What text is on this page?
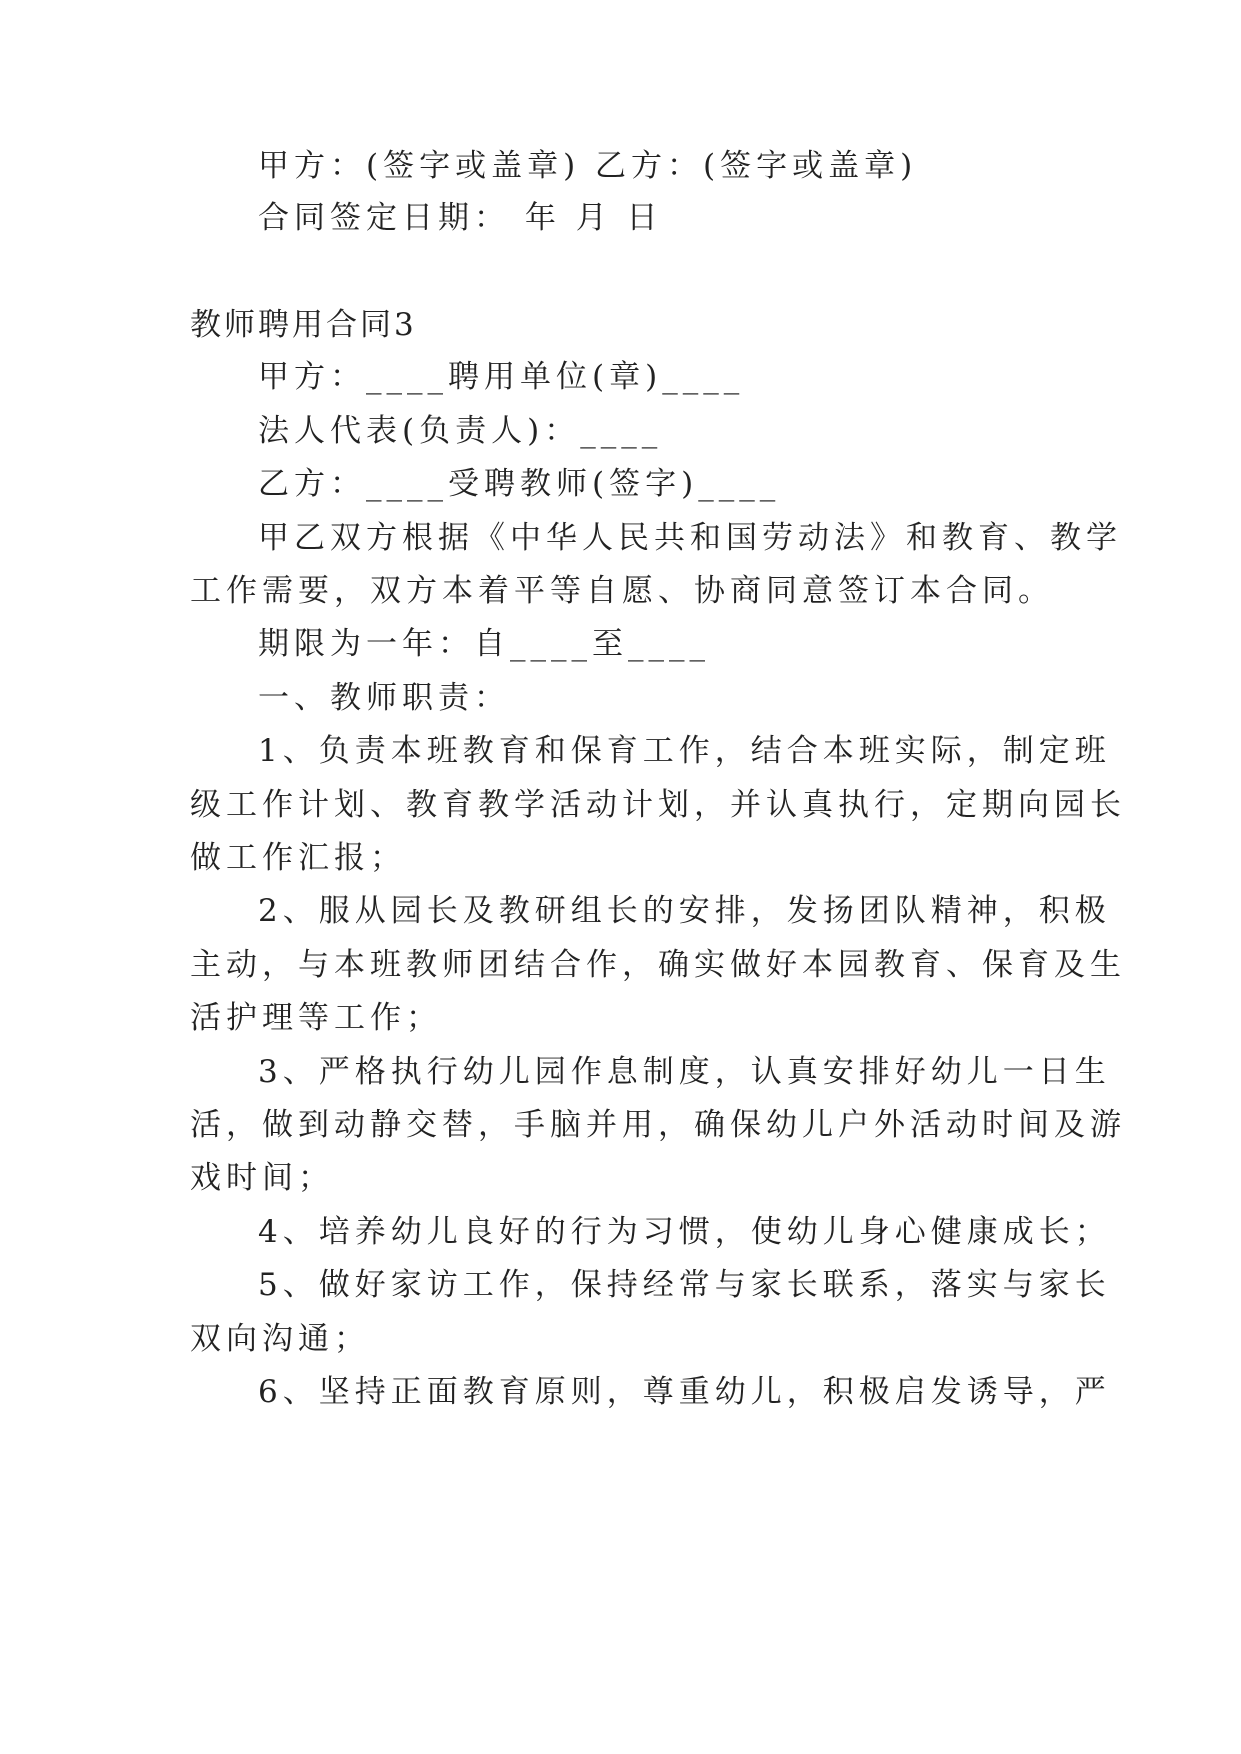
甲方：(签字或盖章) 乙方：(签字或盖章)
合同签定日期： 年 月 日
教师聘用合同3
甲方：____聘用单位(章)____
法人代表(负责人)：____
乙方：____受聘教师(签字)____
甲乙双方根据《中华人民共和国劳动法》和教育、教学
工作需要，双方本着平等自愿、协商同意签订本合同。
期限为一年：自____至____
一、教师职责：
1、负责本班教育和保育工作，结合本班实际，制定班
级工作计划、教育教学活动计划，并认真执行，定期向园长
做工作汇报；
2、服从园长及教研组长的安排，发扬团队精神，积极
主动，与本班教师团结合作，确实做好本园教育、保育及生
活护理等工作；
3、严格执行幼儿园作息制度，认真安排好幼儿一日生
活，做到动静交替，手脑并用，确保幼儿户外活动时间及游
戏时间；
4、培养幼儿良好的行为习惯，使幼儿身心健康成长；
5、做好家访工作，保持经常与家长联系，落实与家长
双向沟通；
6、坚持正面教育原则，尊重幼儿，积极启发诱导，严
